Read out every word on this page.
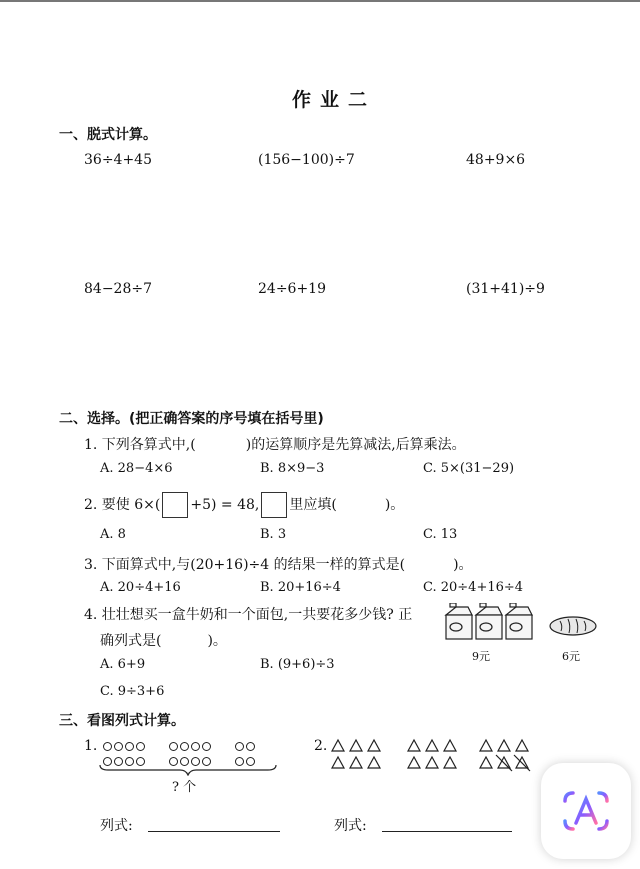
作业二
一、脱式计算。
36÷4+45	(156−100)÷7	48+9×6
84−28÷7	24÷6+19	(31+41)÷9
二、选择。(把正确答案的序号填在括号里)
1. 下列各算式中,(	)的运算顺序是先算减法,后算乘法。
A. 28−4×6	B. 8×9−3	C. 5×(31−29)
2. 要使 6×( +5) = 48, 里应填(	)。
A. 8	B. 3	C. 13
3. 下面算式中,与(20+16)÷4 的结果一样的算式是(	)。
A. 20÷4+16	B. 20+16÷4	C. 20÷4+16÷4
4. 壮壮想买一盒牛奶和一个面包,一共要花多少钱? 正
确列式是(	)。
A. 6+9	B. (9+6)÷3
C. 9÷3+6
9元	6元
三、看图列式计算。
1.
? 个
2.
列式:	列式:
